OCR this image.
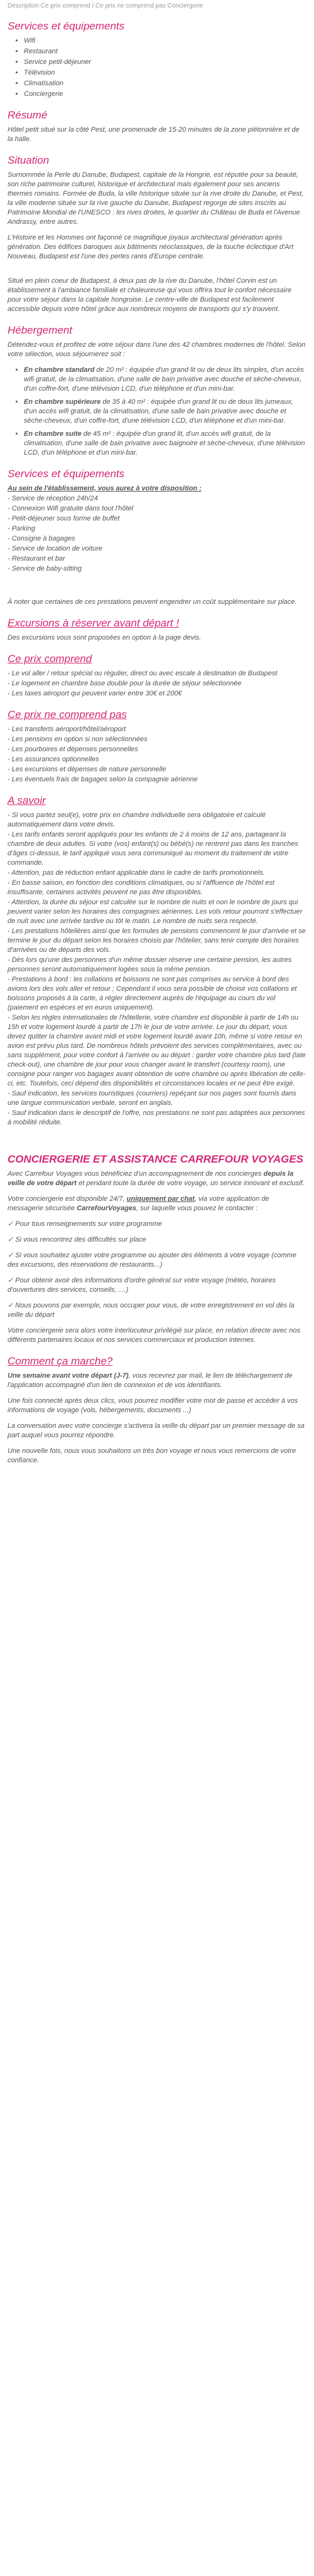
Description Ce prix comprend / Ce prix ne comprend pas Conciergerie
Services et équipements
• Wifi
• Restaurant
• Service petit-déjeuner
• Télévision
• Climatisation
• Conciergerie
Résumé

Hôtel petit situé sur la côté Pest, une promenade de 15-20 minutes de la zone piétonnière et de la halle.

Situation

Surnommée la Perle du Danube, Budapest, capitale de la Hongrie, est réputée pour sa beauté, son riche patrimoine culturel, historique et architectural mais également pour ses anciens thermes romains. Formée de Buda, la ville historique située sur la rive droite du Danube, et Pest, la ville moderne située sur la rive gauche du Danube, Budapest regorge de sites inscrits au Patrimoine Mondial de l'UNESCO : les rives droites, le quartier du Château de Buda et l'Avenue Andrassy, entre autres.

L'Histoire et les Hommes ont façonné ce magnifique joyaux architectural génération après génération. Des édifices baroques aux bâtiments néoclassiques, de la touche éclectique d'Art Nouveau, Budapest est l'une des perles rares d'Europe centrale.

Situé en plein coeur de Budapest, à deux pas de la rive du Danube, l'hôtel Corvin est un établissement à l'ambiance familiale et chaleureuse qui vous offrira tout le confort nécessaire pour votre séjour dans la capitale hongroise. Le centre-ville de Budapest est facilement accessible depuis votre hôtel grâce aux nombreux moyens de transports qui s'y trouvent.

Hébergement

Détendez-vous et profitez de votre séjour dans l'une des 42 chambres modernes de l'hôtel. Selon votre sélection, vous séjournerez soit :

• En chambre standard de 20 m² : équipée d'un grand lit ou de deux lits simples, d'un accès wifi gratuit, de la climatisation, d'une salle de bain privative avec douche et sèche-cheveux, d'un coffre-fort, d'une télévision LCD, d'un téléphone et d'un mini-bar.
• En chambre supérieure de 35 à 40 m² : équipée d'un grand lit ou de deux lits jumeaux, d'un accès wifi gratuit, de la climatisation, d'une salle de bain privative avec douche et sèche-cheveux, d'un coffre-fort, d'une télévision LCD, d'un téléphone et d'un mini-bar.
• En chambre suite de 45 m² : équipée d'un grand lit, d'un accès wifi gratuit, de la climatisation, d'une salle de bain privative avec baignoire et sèche-cheveux, d'une télévision LCD, d'un téléphone et d'un mini-bar.
Services et équipements
Au sein de l'établissement, vous aurez à votre disposition :
- Service de réception 24h/24
- Connexion Wifi gratuite dans tout l'hôtel
- Petit-déjeuner sous forme de buffet
- Parking
- Consigne à bagages
- Service de location de voiture
- Restaurant et bar
- Service de baby-sitting

À noter que certaines de ces prestations peuvent engendrer un coût supplémentaire sur place.

Excursions à réserver avant départ !

Des excursions vous sont proposées en option à la page devis.

Ce prix comprend
- Le vol aller / retour spécial ou régulier, direct ou avec escale à destination de Budapest
- Le logement en chambre base double pour la durée de séjour sélectionnée
- Les taxes aéroport qui peuvent varier entre 30€ et 200€
Ce prix ne comprend pas
- Les transferts aéroport/hôtel/aéroport
- Les pensions en option si non sélectionnées
- Les pourboires et dépenses personnelles
- Les assurances optionnelles
- Les excursions et dépenses de nature personnelle
- Les éventuels frais de bagages selon la compagnie aérienne
A savoir
- Si vous partez seul(e), votre prix en chambre individuelle sera obligatoire et calculé automatiquement dans votre devis.
- Les tarifs enfants seront appliqués pour les enfants de 2 à moins de 12 ans, partageant la chambre de deux adultes. Si votre (vos) enfant(s) ou bébé(s) ne rentrent pas dans les tranches d'âges ci-dessus, le tarif appliqué vous sera communiqué au moment du traitement de votre commande.
- Attention, pas de réduction enfant applicable dans le cadre de tarifs promotionnels.
- En basse saison, en fonction des conditions climatiques, ou si l'affluence de l'hôtel est insuffisante, certaines activités peuvent ne pas être disponibles.
- Attention, la durée du séjour est calculée sur le nombre de nuits et non le nombre de jours qui peuvent varier selon les horaires des compagnies aériennes. Les vols retour pourront s'effectuer de nuit avec une arrivée tardive ou tôt le matin. Le nombre de nuits sera respecté.
- Les prestations hôtelières ainsi que les formules de pensions commencent le jour d'arrivée et se termine le jour du départ selon les horaires choisis par l'hôtelier, sans tenir compte des horaires d'arrivées ou de départs des vols.
- Dès lors qu'une des personnes d'un même dossier réserve une certaine pension, les autres personnes seront automatiquement logées sous la même pension.
- Prestations à bord : les collations et boissons ne sont pas comprises au service à bord des avions lors des vols aller et retour ; Cependant il vous sera possible de choisir vos collations et boissons proposés à la carte, à régler directement auprès de l'équipage au cours du vol (paiement en espèces et en euros uniquement).
- Selon les règles internationales de l'hôtellerie, votre chambre est disponible à partir de 14h ou 15h et votre logement lourdé à partir de 17h le jour de votre arrivée. Le jour du départ, vous devez quitter la chambre avant midi et votre logement lourdé avant 10h, même si votre retour en avion est prévu plus tard. De nombreux hôtels prévoient des services complémentaires, avec ou sans supplément, pour votre confort à l'arrivée ou au départ : garder votre chambre plus tard (late check-out), une chambre de jour pour vous changer avant le transfert (courtesy room), une consigne pour ranger vos bagages avant obtention de votre chambre ou après libération de celle-ci, etc. Toutefois, ceci dépend des disponibilités et circonstances locales et ne peut être exigé.
- Sauf indication, les services touristiques (courriers) repéçant sur nos pages sont fournis dans une langue communication verbale, seront en anglais.
- Sauf indication dans le descriptif de l'offre, nos prestations ne sont pas adaptées aux personnes à mobilité réduite.
CONCIERGERIE ET ASSISTANCE CARREFOUR VOYAGES

Avec Carrefour Voyages vous bénéficiez d'un accompagnement de nos concierges depuis la veille de votre départ et pendant toute la durée de votre voyage, un service innovant et exclusif.

Votre conciergerie est disponible 24/7, uniquement par chat, via votre application de messagerie sécurisée CarrefourVoyages, sur laquelle vous pouvez le contacter :

✓ Pour tous renseignements sur votre programme

✓ Si vous rencontrez des difficultés sur place

✓ Si vous souhaitez ajuster votre programme ou ajouter des éléments à votre voyage (comme des excursions, des réservations de restaurants...)

✓ Pour obtenir avoir des informations d'ordre général sur votre voyage (météo, horaires d'ouvertures des services, conseils, ....)

✓ Nous pouvons par exemple, nous occuper pour vous, de votre enregistrement en vol dès la veille du départ

Votre conciergerie sera alors votre interlocuteur privilégié sur place, en relation directe avec nos différents partenaires locaux et nos services commerciaux et production internes.

Comment ça marche?

Une semaine avant votre départ (J-7), vous recevrez par mail, le lien de téléchargement de l'application accompagné d'un lien de connexion et de vos identifiants.

Une fois connecté après deux clics, vous pourrez modifier votre mot de passe et accéder à vos informations de voyage (vols, hébergements, documents ...)

La conversation avec votre concierge s'activera la veille du départ par un premier message de sa part auquel vous pourrez répondre.

Une nouvelle fois, nous vous souhaitons un très bon voyage et nous vous remercions de votre confiance.
